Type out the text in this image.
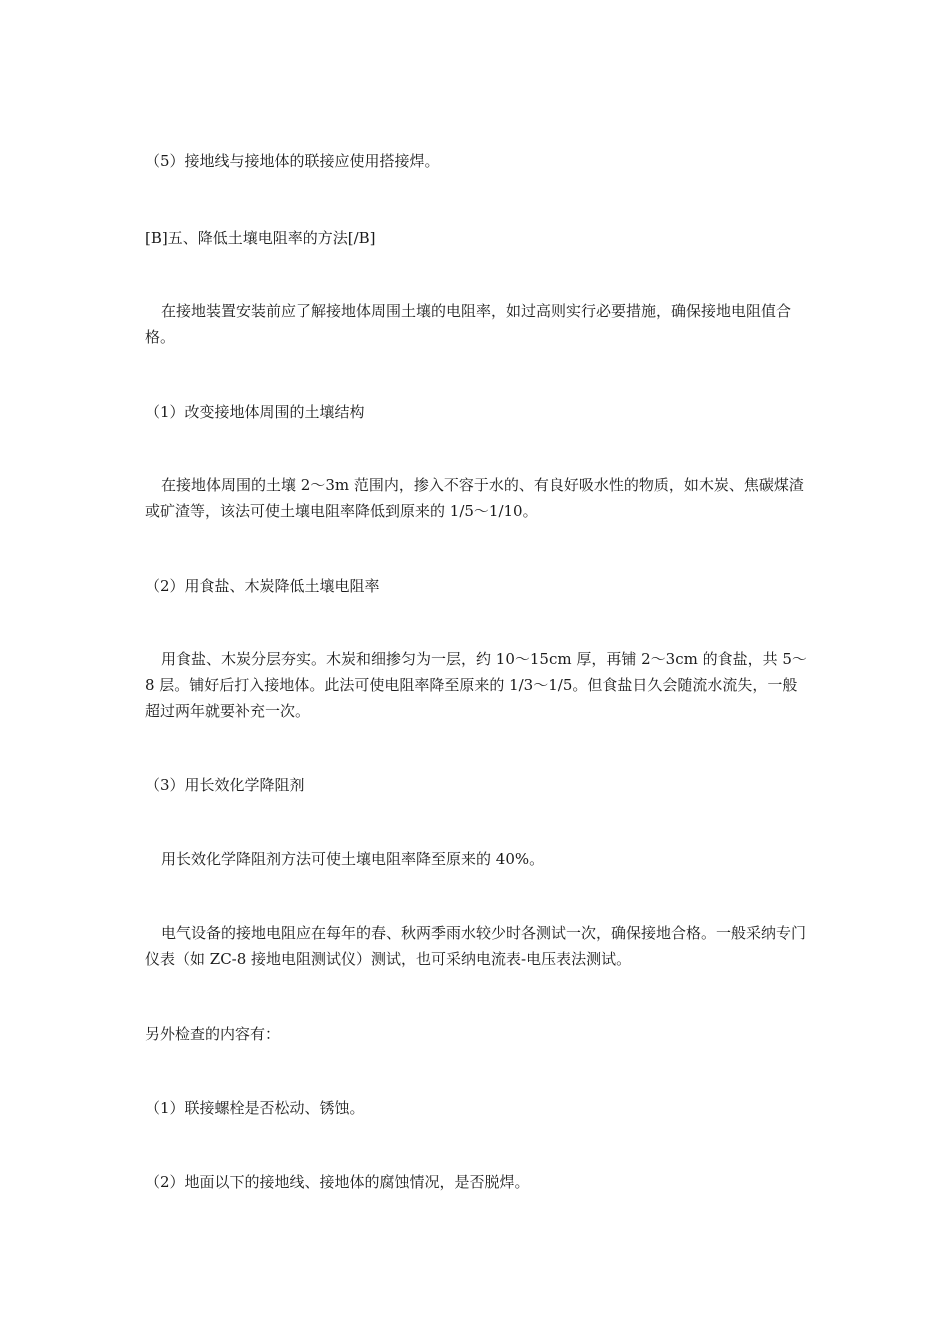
（5）接地线与接地体的联接应使用搭接焊。

[B]五、降低土壤电阻率的方法[/B]

在接地装置安装前应了解接地体周围土壤的电阻率，如过高则实行必要措施，确保接地电阻值合格。

（1）改变接地体周围的土壤结构

在接地体周围的土壤 2～3m 范围内，掺入不容于水的、有良好吸水性的物质，如木炭、焦碳煤渣或矿渣等，该法可使土壤电阻率降低到原来的 1/5～1/10。

（2）用食盐、木炭降低土壤电阻率

用食盐、木炭分层夯实。木炭和细掺匀为一层，约 10～15cm 厚，再铺 2～3cm 的食盐，共 5～8 层。铺好后打入接地体。此法可使电阻率降至原来的 1/3～1/5。但食盐日久会随流水流失，一般超过两年就要补充一次。

（3）用长效化学降阻剂

用长效化学降阻剂方法可使土壤电阻率降至原来的 40%。

电气设备的接地电阻应在每年的春、秋两季雨水较少时各测试一次，确保接地合格。一般采纳专门仪表（如 ZC-8 接地电阻测试仪）测试，也可采纳电流表-电压表法测试。

另外检查的内容有：

（1）联接螺栓是否松动、锈蚀。

（2）地面以下的接地线、接地体的腐蚀情况，是否脱焊。
